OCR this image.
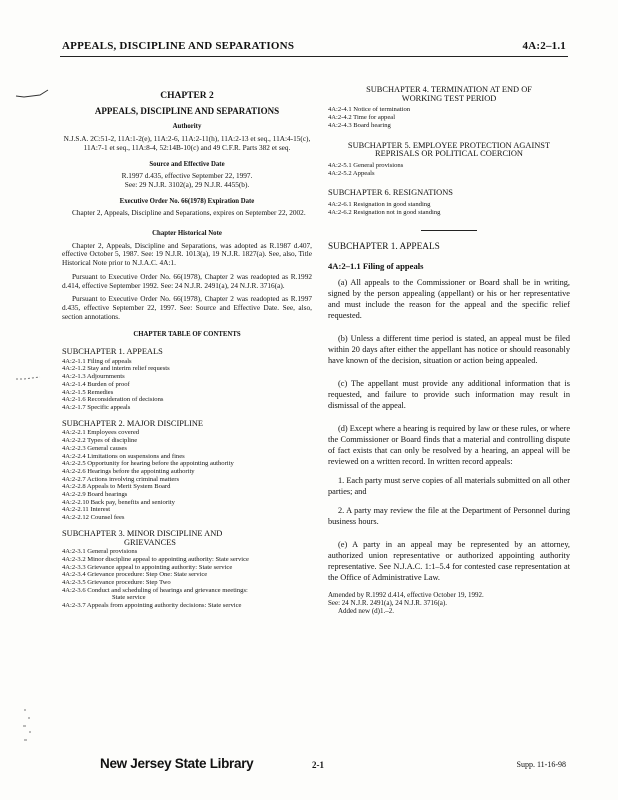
APPEALS, DISCIPLINE AND SEPARATIONS	4A:2–1.1
CHAPTER 2
APPEALS, DISCIPLINE AND SEPARATIONS
Authority

N.J.S.A. 2C:51-2, 11A:1-2(e), 11A:2-6, 11A:2-11(h), 11A:2-13 et seq., 11A:4-15(c), 11A:7-1 et seq., 11A:8-4, 52:14B-10(c) and 49 C.F.R. Parts 382 et seq.

Source and Effective Date
R.1997 d.435, effective September 22, 1997.
See: 29 N.J.R. 3102(a), 29 N.J.R. 4455(b).
Executive Order No. 66(1978) Expiration Date

Chapter 2, Appeals, Discipline and Separations, expires on September 22, 2002.

Chapter Historical Note

Chapter 2, Appeals, Discipline and Separations, was adopted as R.1987 d.407, effective October 5, 1987. See: 19 N.J.R. 1013(a), 19 N.J.R. 1827(a). See, also, Title Historical Note prior to N.J.A.C. 4A:1.

Pursuant to Executive Order No. 66(1978), Chapter 2 was readopted as R.1992 d.414, effective September 1992. See: 24 N.J.R. 2491(a), 24 N.J.R. 3716(a).

Pursuant to Executive Order No. 66(1978), Chapter 2 was readopted as R.1997 d.435, effective September 22, 1997. See: Source and Effective Date. See, also, section annotations.

CHAPTER TABLE OF CONTENTS
SUBCHAPTER 1. APPEALS
4A:2-1.1 Filing of appeals
4A:2-1.2 Stay and interim relief requests
4A:2-1.3 Adjournments
4A:2-1.4 Burden of proof
4A:2-1.5 Remedies
4A:2-1.6 Reconsideration of decisions
4A:2-1.7 Specific appeals
SUBCHAPTER 2. MAJOR DISCIPLINE
4A:2-2.1 Employees covered
4A:2-2.2 Types of discipline
4A:2-2.3 General causes
4A:2-2.4 Limitations on suspensions and fines
4A:2-2.5 Opportunity for hearing before the appointing authority
4A:2-2.6 Hearings before the appointing authority
4A:2-2.7 Actions involving criminal matters
4A:2-2.8 Appeals to Merit System Board
4A:2-2.9 Board hearings
4A:2-2.10 Back pay, benefits and seniority
4A:2-2.11 Interest
4A:2-2.12 Counsel fees
SUBCHAPTER 3. MINOR DISCIPLINE AND
GRIEVANCES
4A:2-3.1 General provisions
4A:2-3.2 Minor discipline appeal to appointing authority: State service
4A:2-3.3 Grievance appeal to appointing authority: State service
4A:2-3.4 Grievance procedure: Step One: State service
4A:2-3.5 Grievance procedure: Step Two
4A:2-3.6 Conduct and scheduling of hearings and grievance meetings:
State service
4A:2-3.7 Appeals from appointing authority decisions: State service
SUBCHAPTER 4. TERMINATION AT END OF
WORKING TEST PERIOD
4A:2-4.1 Notice of termination
4A:2-4.2 Time for appeal
4A:2-4.3 Board hearing
SUBCHAPTER 5. EMPLOYEE PROTECTION AGAINST
REPRISALS OR POLITICAL COERCION
4A:2-5.1 General provisions
4A:2-5.2 Appeals
SUBCHAPTER 6. RESIGNATIONS
4A:2-6.1 Resignation in good standing
4A:2-6.2 Resignation not in good standing
SUBCHAPTER 1. APPEALS
4A:2–1.1 Filing of appeals

(a) All appeals to the Commissioner or Board shall be in writing, signed by the person appealing (appellant) or his or her representative and must include the reason for the appeal and the specific relief requested.

(b) Unless a different time period is stated, an appeal must be filed within 20 days after either the appellant has notice or should reasonably have known of the decision, situation or action being appealed.

(c) The appellant must provide any additional information that is requested, and failure to provide such information may result in dismissal of the appeal.

(d) Except where a hearing is required by law or these rules, or where the Commissioner or Board finds that a material and controlling dispute of fact exists that can only be resolved by a hearing, an appeal will be reviewed on a written record. In written record appeals:

1. Each party must serve copies of all materials submitted on all other parties; and

2. A party may review the file at the Department of Personnel during business hours.

(e) A party in an appeal may be represented by an attorney, authorized union representative or authorized appointing authority representative. See N.J.A.C. 1:1–5.4 for contested case representation at the Office of Administrative Law.

Amended by R.1992 d.414, effective October 19, 1992.
See: 24 N.J.R. 2491(a), 24 N.J.R. 3716(a).
Added new (d)1.–2.
New Jersey State Library	2-1	Supp. 11-16-98
